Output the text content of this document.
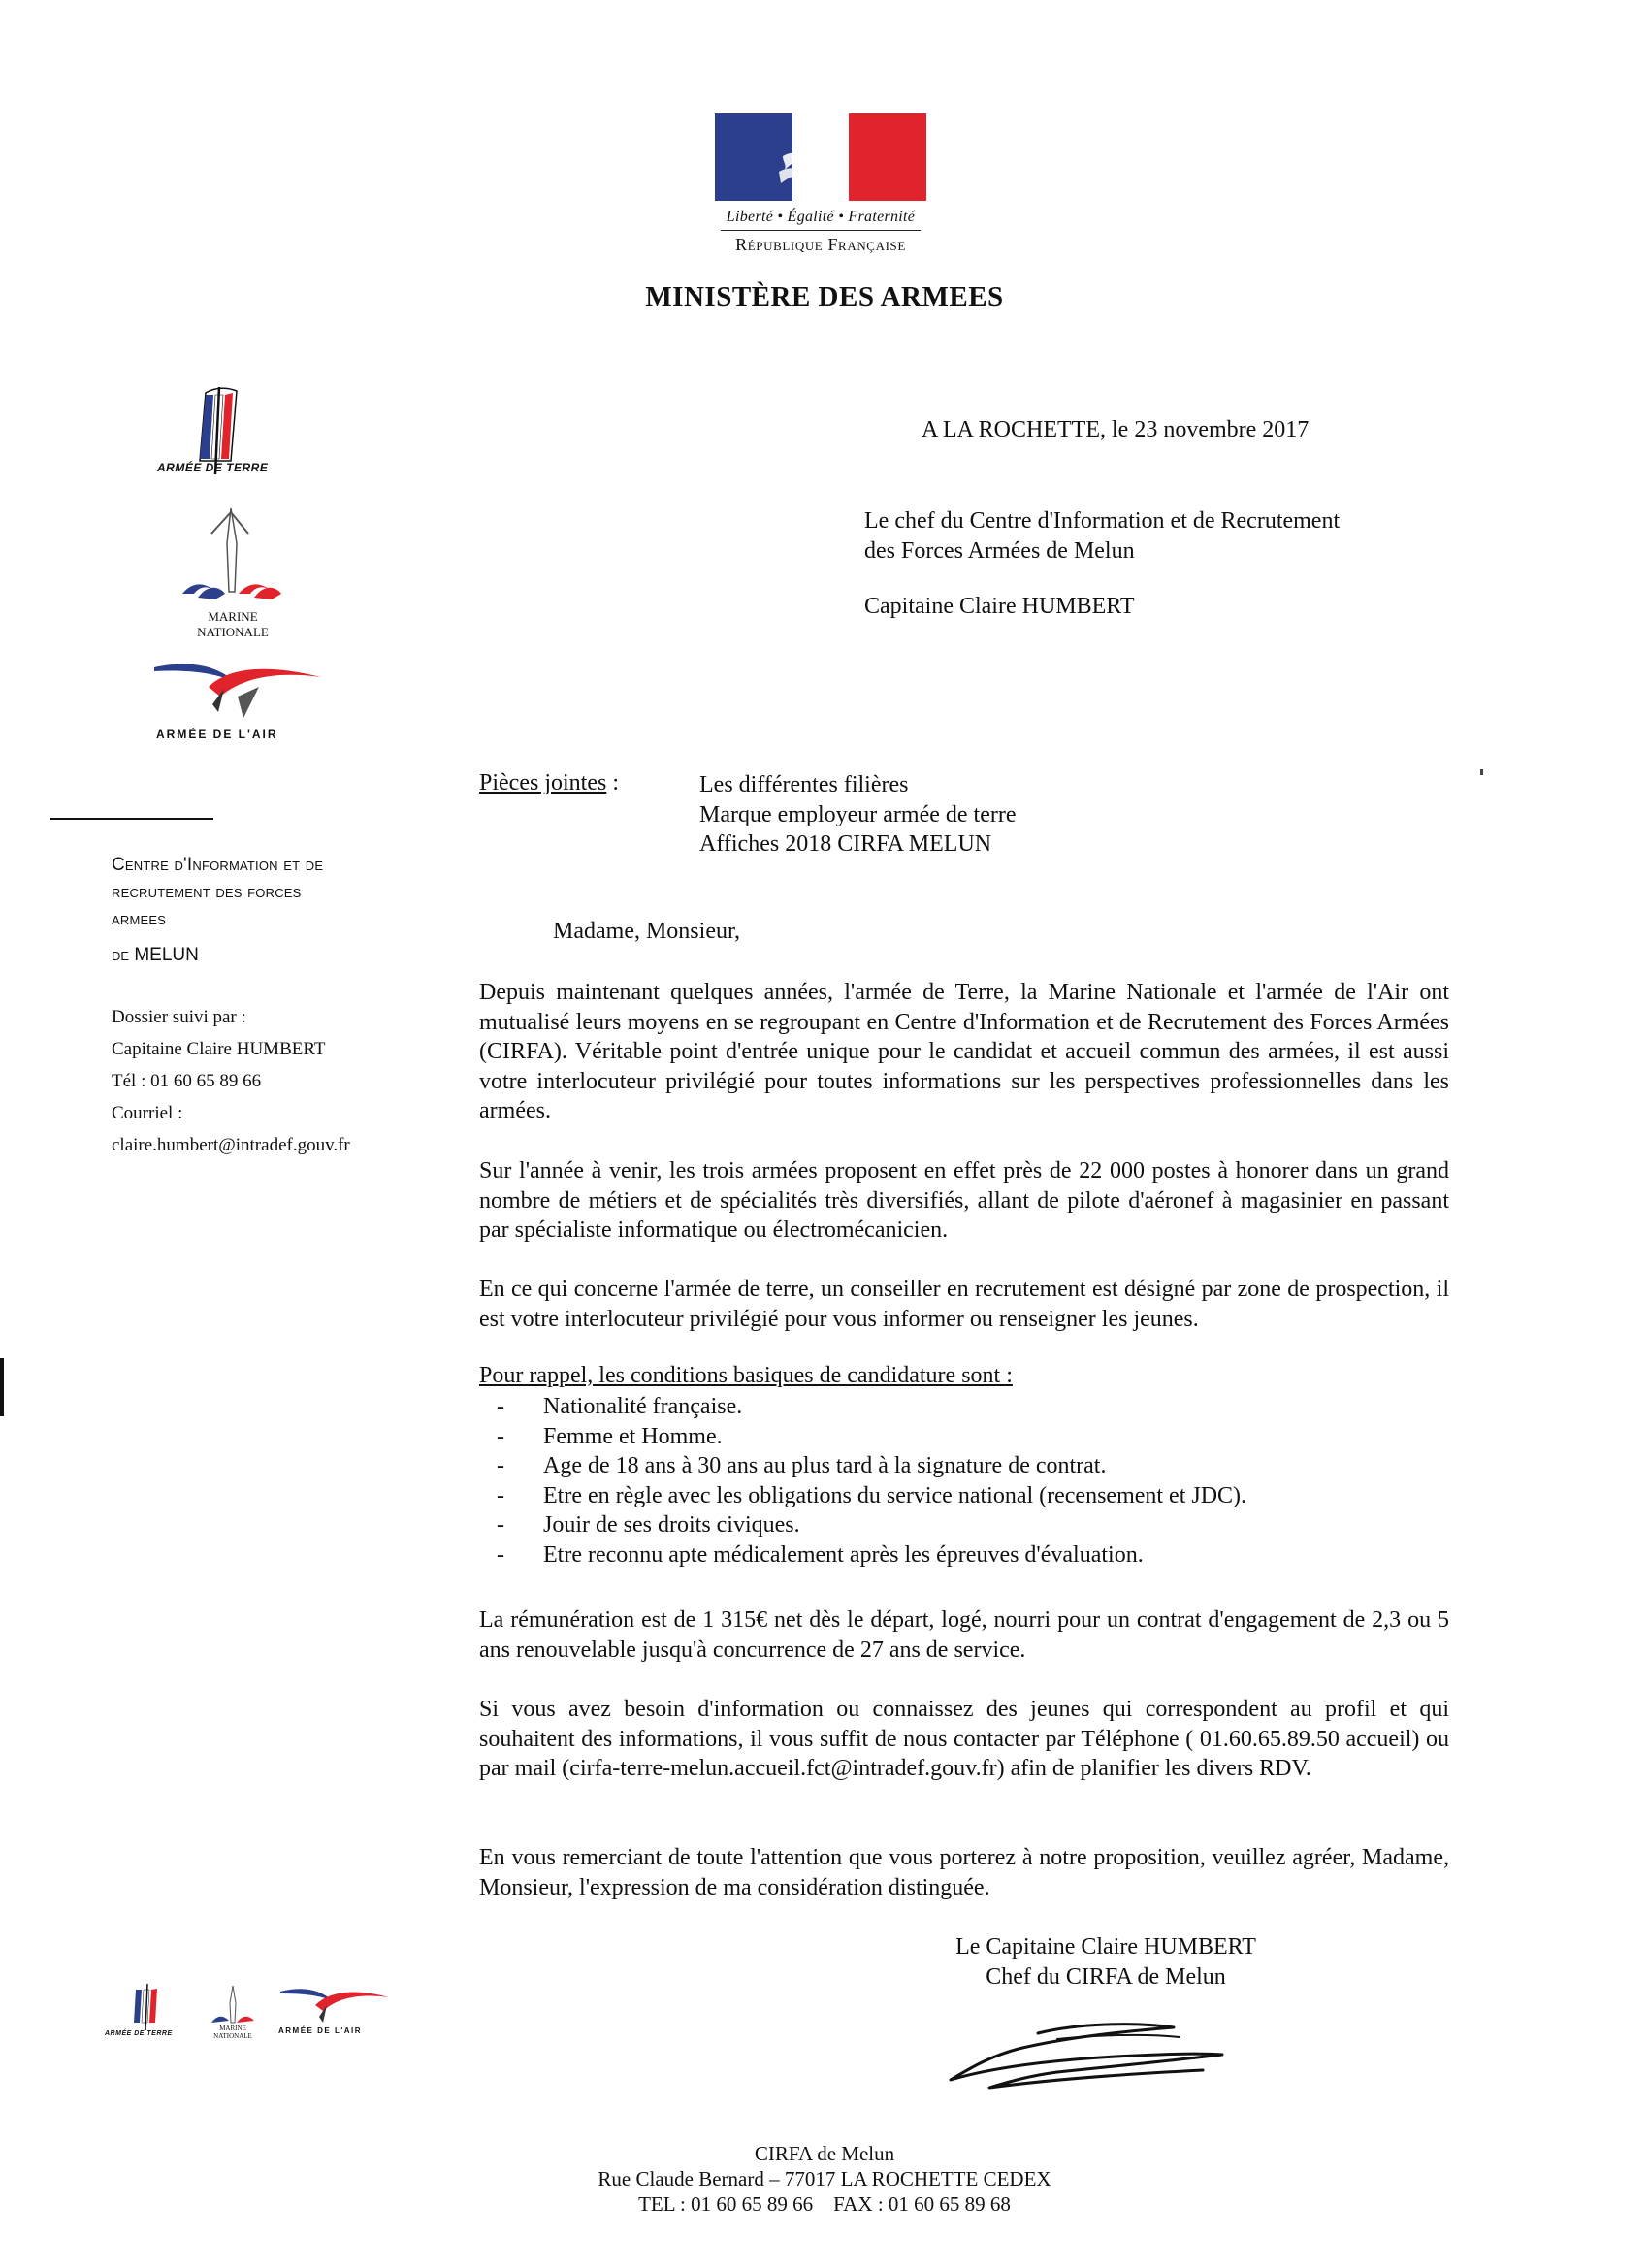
Liberté • Égalité • Fraternité
République Française
MINISTÈRE DES ARMEES
ARMÉE DE TERRE
MARINE NATIONALE
ARMÉE DE L'AIR
Centre d'Information et de
recrutement des forces
armees
de MELUN
Dossier suivi par :
Capitaine Claire HUMBERT
Tél : 01 60 65 89 66
Courriel :
claire.humbert@intradef.gouv.fr
A LA ROCHETTE, le 23 novembre 2017
Le chef du Centre d'Information et de Recrutement
des Forces Armées de Melun
Capitaine Claire HUMBERT
Pièces jointes :	Les différentes filières
Marque employeur armée de terre
Affiches 2018 CIRFA MELUN
Madame, Monsieur,
Depuis maintenant quelques années, l'armée de Terre, la Marine Nationale et l'armée de l'Air ont mutualisé leurs moyens en se regroupant en Centre d'Information et de Recrutement des Forces Armées (CIRFA). Véritable point d'entrée unique pour le candidat et accueil commun des armées, il est aussi votre interlocuteur privilégié pour toutes informations sur les perspectives professionnelles dans les armées.
Sur l'année à venir, les trois armées proposent en effet près de 22 000 postes à honorer dans un grand nombre de métiers et de spécialités très diversifiés, allant de pilote d'aéronef à magasinier en passant par spécialiste informatique ou électromécanicien.
En ce qui concerne l'armée de terre, un conseiller en recrutement est désigné par zone de prospection, il est votre interlocuteur privilégié pour vous informer ou renseigner les jeunes.
Pour rappel, les conditions basiques de candidature sont :
- Nationalité française.
- Femme et Homme.
- Age de 18 ans à 30 ans au plus tard à la signature de contrat.
- Etre en règle avec les obligations du service national (recensement et JDC).
- Jouir de ses droits civiques.
- Etre reconnu apte médicalement après les épreuves d'évaluation.
La rémunération est de 1 315€ net dès le départ, logé, nourri pour un contrat d'engagement de 2,3 ou 5 ans renouvelable jusqu'à concurrence de 27 ans de service.
Si vous avez besoin d'information ou connaissez des jeunes qui correspondent au profil et qui souhaitent des informations, il vous suffit de nous contacter par Téléphone ( 01.60.65.89.50 accueil) ou par mail (cirfa-terre-melun.accueil.fct@intradef.gouv.fr) afin de planifier les divers RDV.
En vous remerciant de toute l'attention que vous porterez à notre proposition, veuillez agréer, Madame, Monsieur, l'expression de ma considération distinguée.
Le Capitaine Claire HUMBERT
Chef du CIRFA de Melun
ARMÉE DE TERRE
MARINE NATIONALE
ARMÉE DE L'AIR
CIRFA de Melun
Rue Claude Bernard – 77017 LA ROCHETTE CEDEX
TEL : 01 60 65 89 66    FAX : 01 60 65 89 68
